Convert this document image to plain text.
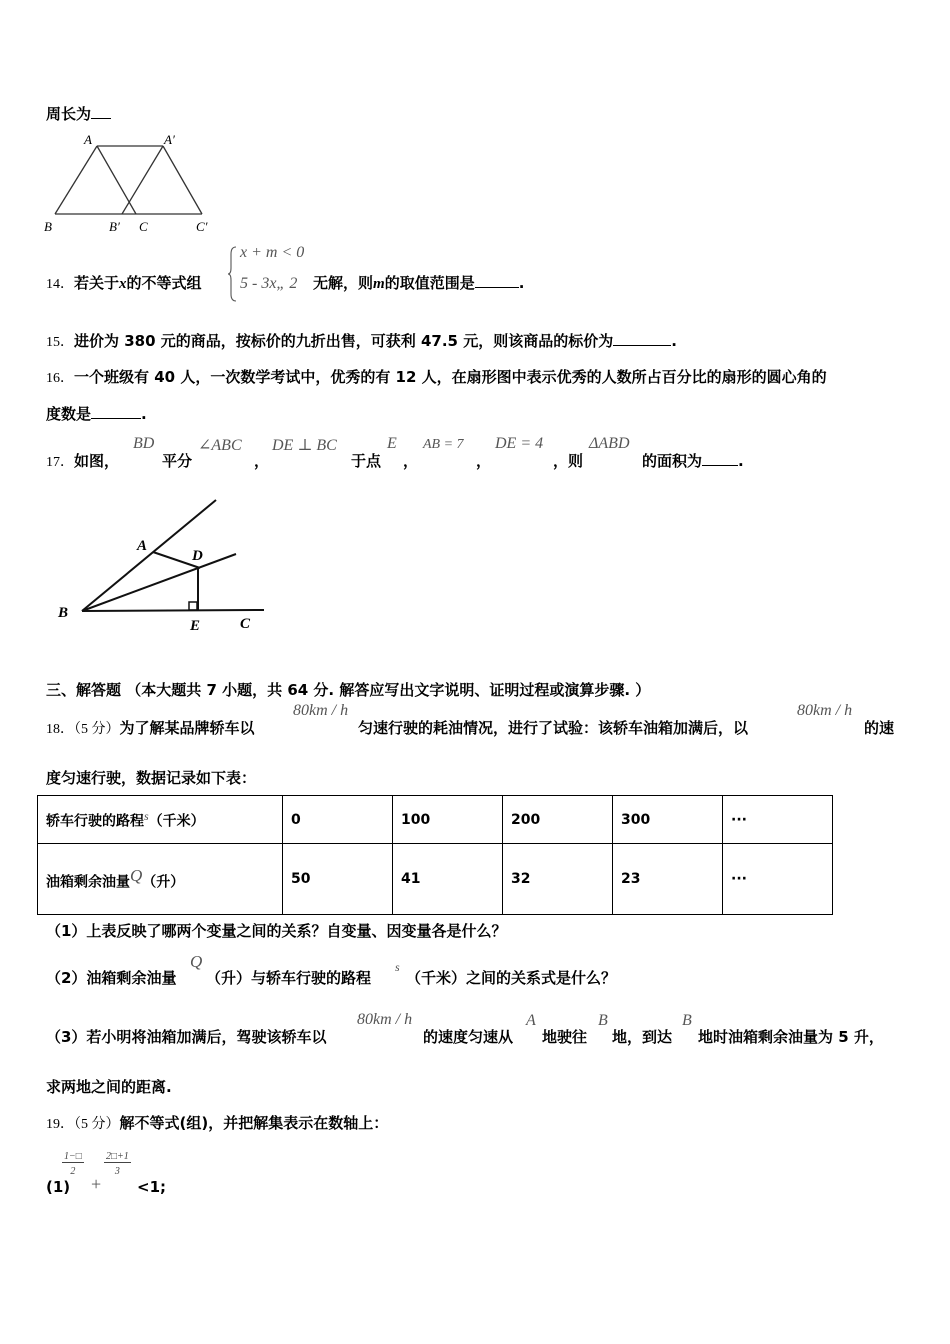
周长为
A	A′
B	B′ C	C′
14．若关于x的不等式组
x + m < 0
5 - 3x„ 2 无解，则m的取值范围是	.
15．进价为 380 元的商品，按标价的九折出售，可获利 47.5 元，则该商品的标价为	.
16．一个班级有 40 人，一次数学考试中，优秀的有 12 人，在扇形图中表示优秀的人数所占百分比的扇形的圆心角的
度数是	.
17．如图，
BD
平分
∠ABC
，
DE ⊥ BC
于点
E
，
AB = 7
，
DE = 4
，则
ΔABD
的面积为 .
A
D
B
E	C
三、解答题 （本大题共 7 小题，共 64 分. 解答应写出文字说明、证明过程或演算步骤. ）
18．（5 分）为了解某品牌轿车以
80km / h
匀速行驶的耗油情况，进行了试验：该轿车油箱加满后，以
80km / h
的速
度匀速行驶，数据记录如下表：
轿车行驶的路程$^s$（千米）	0	100	200	300	···
油箱剩余油量$^Q$（升）	50	41	32	23	···
（1）上表反映了哪两个变量之间的关系？自变量、因变量各是什么？
（2）油箱剩余油量
Q
（升）与轿车行驶的路程
s
（千米）之间的关系式是什么？
（3）若小明将油箱加满后，驾驶该轿车以
80km / h
的速度匀速从
A
地驶往
B
地，到达
B
地时油箱剩余油量为 5 升，
求两地之间的距离.
19．（5 分）解不等式(组)，并把解集表示在数轴上：
(1)
$\frac{1-□}{2}$
+
$\frac{2□+1}{3}$
<1;
